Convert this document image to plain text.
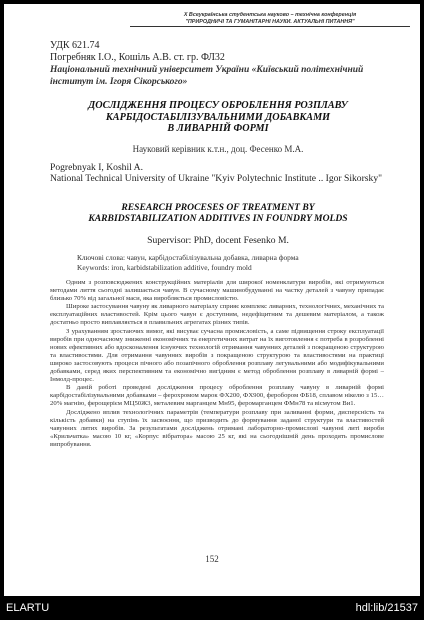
X Всеукраїнська студентська науково – технічна конференція
"ПРИРОДНИЧІ ТА ГУМАНІТАРНІ НАУКИ. АКТУАЛЬНІ ПИТАННЯ"
УДК 621.74
Погребняк І.О., Кошіль А.В. ст. гр. ФЛ32
Національний технічний університет України «Київський політехнічний інститут ім. Ігоря Сікорського»
ДОСЛІДЖЕННЯ ПРОЦЕСУ ОБРОБЛЕННЯ РОЗПЛАВУ
КАРБІДОСТАБІЛІЗУВАЛЬНИМИ ДОБАВКАМИ
В ЛИВАРНІЙ ФОРМІ
Науковий керівник к.т.н., доц. Фесенко М.А.
Pogrebnyak I, Koshil A.
National Technical University of Ukraine "Kyiv Polytechnic Institute .. Igor Sikorsky"
RESEARCH PROCESES OF TREATMENT BY
KARBIDSTABILIZATION ADDITIVES IN FOUNDRY MOLDS
Supervisor: PhD, docent Fesenko M.
Ключові слова: чавун, карбідостабілізувальна добавка, ливарна форма
Keywords: iron, karbidstabilization additive, foundry mold

Одним з розповсюджених конструкційних матеріалів для широкої номенклатури виробів, які отримуються методами лиття сьогодні залишається чавун. В сучасному машинобудуванні на частку деталей з чавуну припадає близько 70% від загальної маси, яка виробляється промисловістю.

Широке застосування чавуну як ливарного матеріалу сприяє комплекс ливарних, технологічних, механічних та експлуатаційних властивостей. Крім цього чавун є доступним, недефіцитним та дешевим матеріалом, а також достатньо просто виплавляється в плавильних агрегатах різних типів.

З урахуванням зростаючих вимог, які висуває сучасна промисловість, а саме підвищення строку експлуатації виробів при одночасному зниженні економічних та енергетичних витрат на їх виготовлення є потреба в розробленні нових ефективних або вдосконалення існуючих технологій отримання чавунних деталей з покращеною структурою та властивостями. Для отримання чавунних виробів з покращеною структурою та властивостями на практиці широко застосовують процеси пічного або позапічного оброблення розплаву легувальними або модифікувальними добавками, серед яких перспективним та економічно вигідним є метод оброблення розплаву в ливарній формі – Інмолд-процес.

В даній роботі проведені дослідження процесу оброблення розплаву чавуну в ливарній формі карбідостабілізувальними добавками – ферохромом марок ФХ200, ФХ900, феробором ФБ18, сплавом нікелю з 15…20% магнію, ферощерієм МЦ50Ж3, металевим марганцем Мн95, феромарганцем ФМн78 та вісмутом Ви1.

Досліджено вплив технологічних параметрів (температури розплаву при заливанні форми, дисперсність та кількість добавки) на ступінь їх засвоєння, що призводить до формування заданої структури та властивостей чавунних литих виробів. За результатами досліджень отримані лабораторно-промислові чавунні литі вироби «Крильчатка» масою 10 кг, «Корпус вібратора» масою 25 кг, які на сьогоднішній день проходять промислове випробування.

152
ELARTU	hdl:lib/21537
